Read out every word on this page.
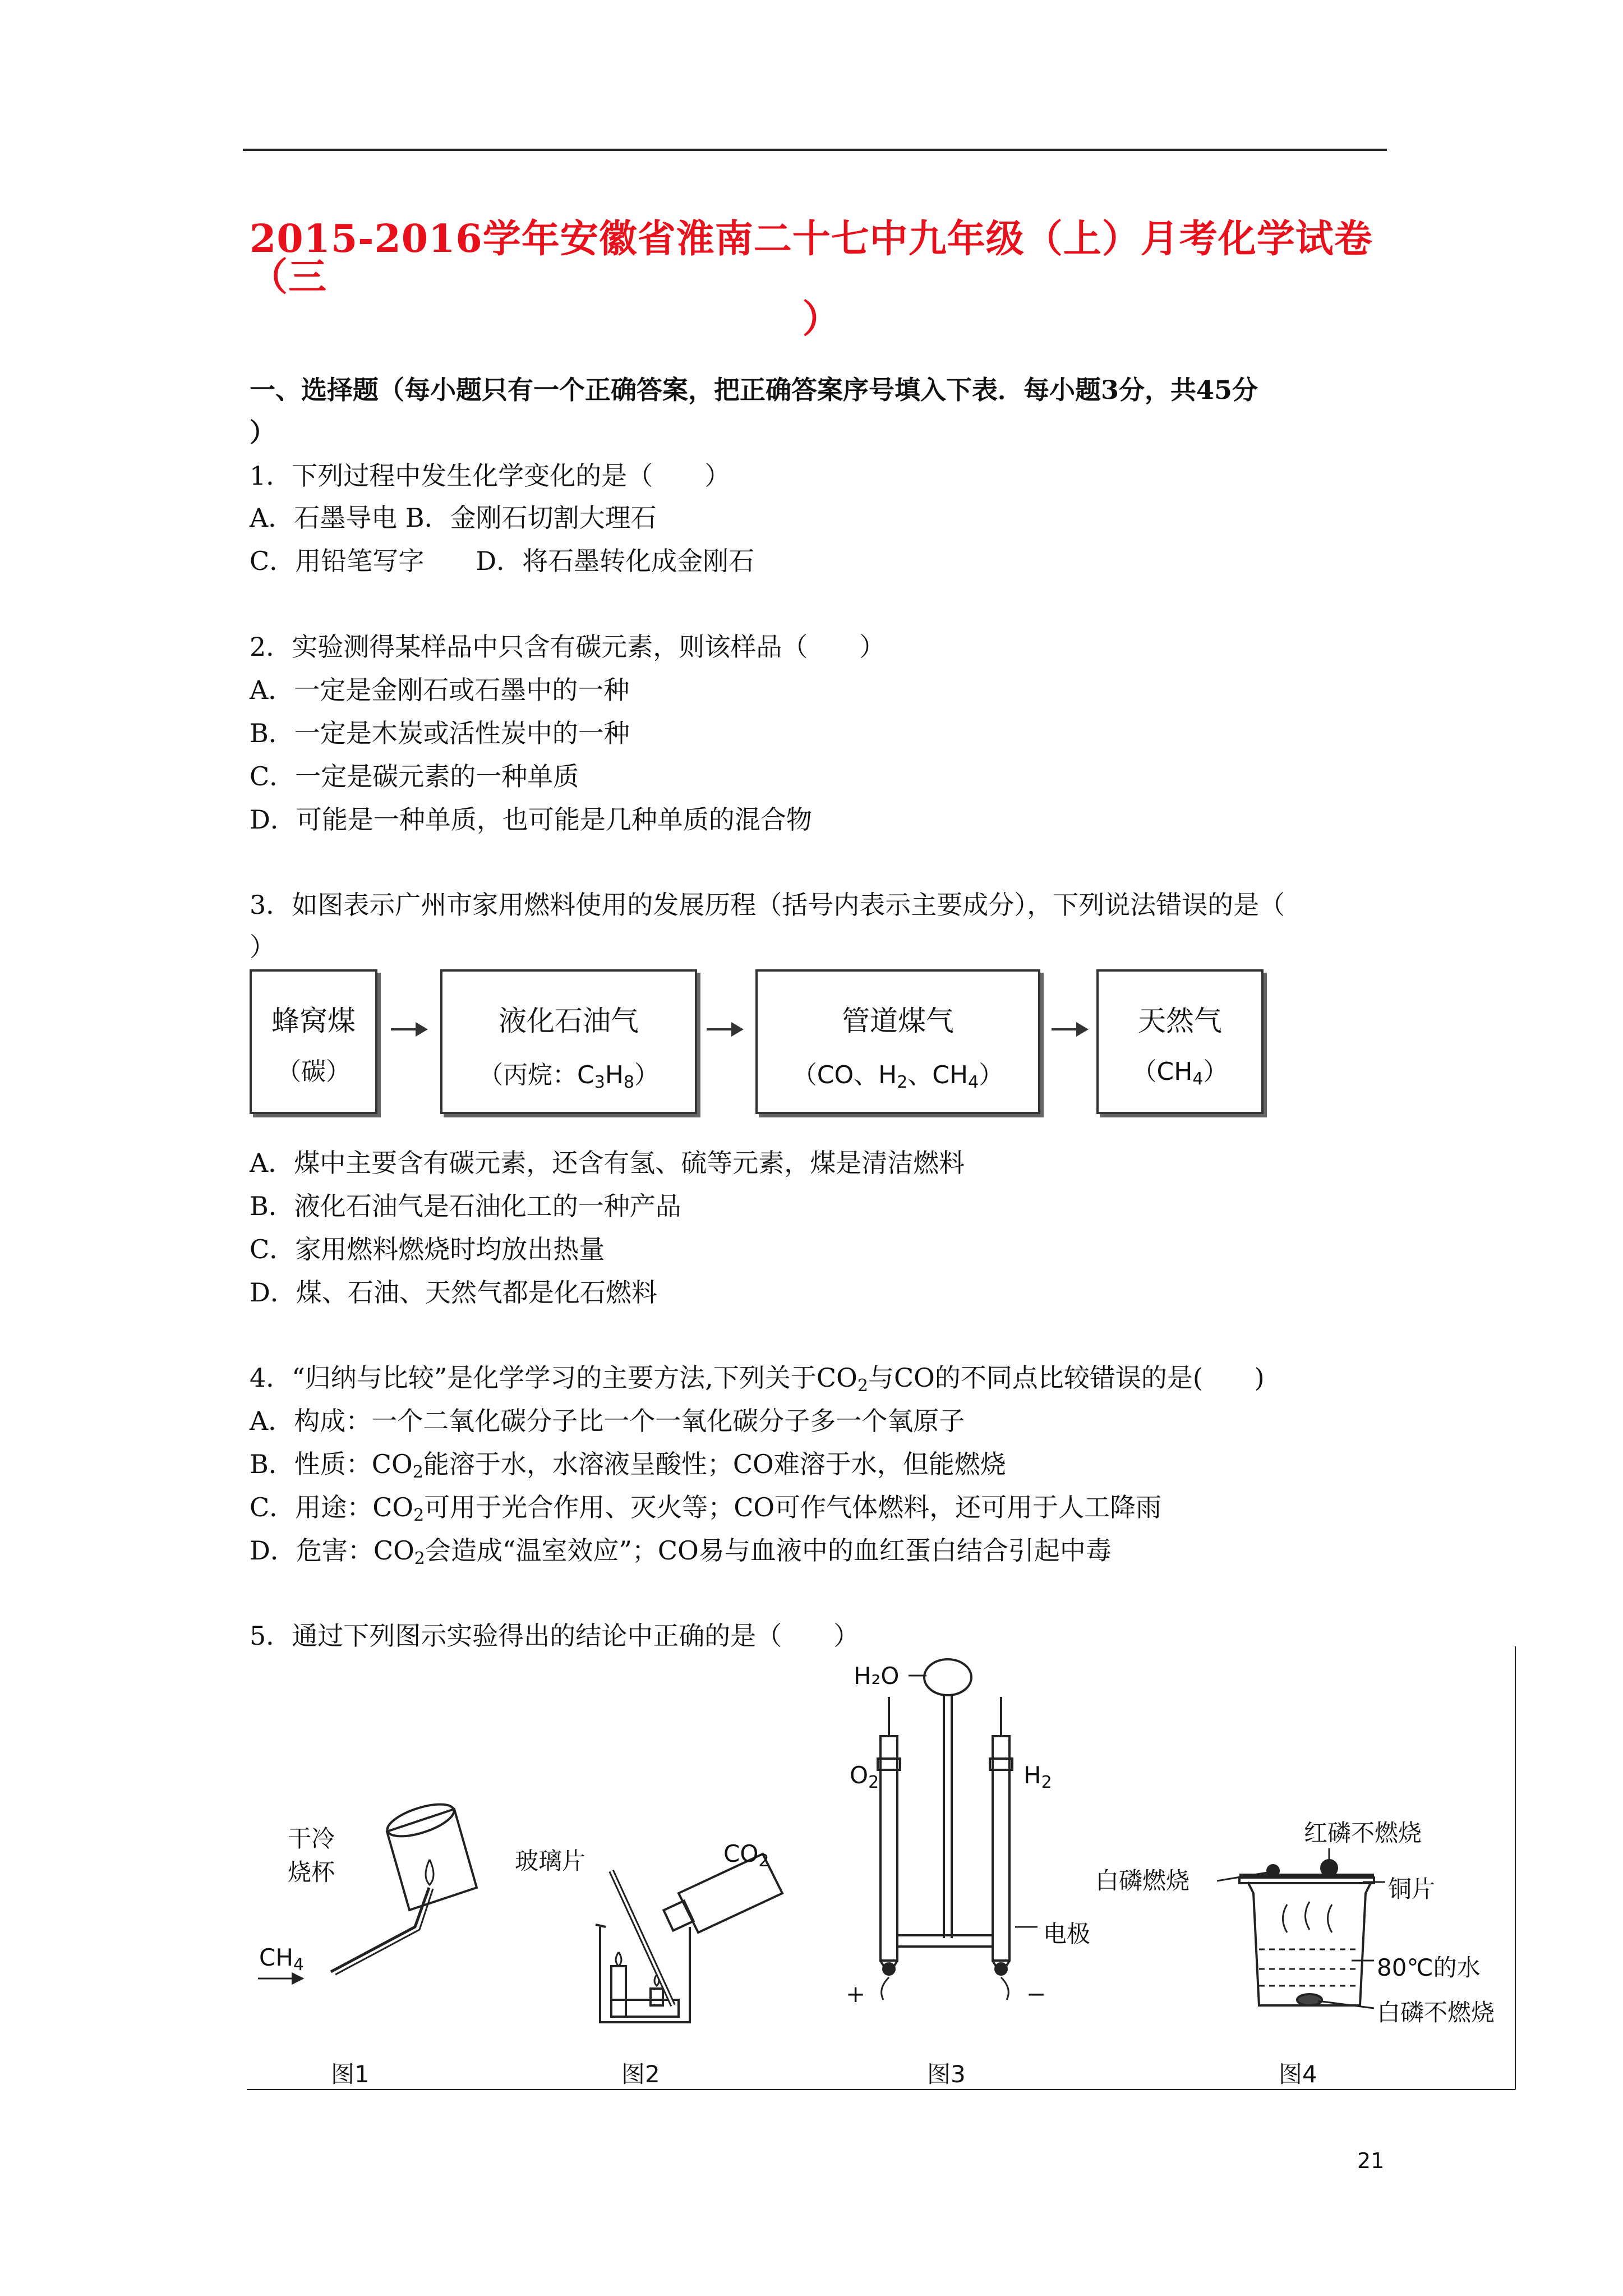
2015-2016学年安徽省淮南二十七中九年级（上）月考化学试卷（三
）
一、选择题（每小题只有一个正确答案，把正确答案序号填入下表．每小题3分，共45分
）
1．下列过程中发生化学变化的是（　　）
A．石墨导电 B．金刚石切割大理石
C．用铅笔写字　　D．将石墨转化成金刚石
2．实验测得某样品中只含有碳元素，则该样品（　　）
A．一定是金刚石或石墨中的一种
B．一定是木炭或活性炭中的一种
C．一定是碳元素的一种单质
D．可能是一种单质，也可能是几种单质的混合物
3．如图表示广州市家用燃料使用的发展历程（括号内表示主要成分），下列说法错误的是（
）
蜂窝煤
（碳）
液化石油气
（丙烷：$C_3H_8$）
管道煤气
（CO、$H_2$、$CH_4$）
天然气
$(CH_4)$
A．煤中主要含有碳元素，还含有氢、硫等元素，煤是清洁燃料
B．液化石油气是石油化工的一种产品
C．家用燃料燃烧时均放出热量
D．煤、石油、天然气都是化石燃料
4．“归纳与比较”是化学学习的主要方法,下列关于$CO_2$与CO的不同点比较错误的是(　　)
A．构成：一个二氧化碳分子比一个一氧化碳分子多一个氧原子
B．性质：$CO_2$能溶于水，水溶液呈酸性；CO难溶于水，但能燃烧
C．用途：$CO_2$可用于光合作用、灭火等；CO可作气体燃料，还可用于人工降雨
D．危害：$CO_2$会造成“温室效应”；CO易与血液中的血红蛋白结合引起中毒
5．通过下列图示实验得出的结论中正确的是（　　）
干冷
烧杯
$CH_4$
玻璃片	$CO_2$
H₂O
$O_2$	$H_2$
电极
+	−
红磷不燃烧
白磷燃烧	铜片
80℃的水
白磷不燃烧
图1	图2	图3	图4
21
